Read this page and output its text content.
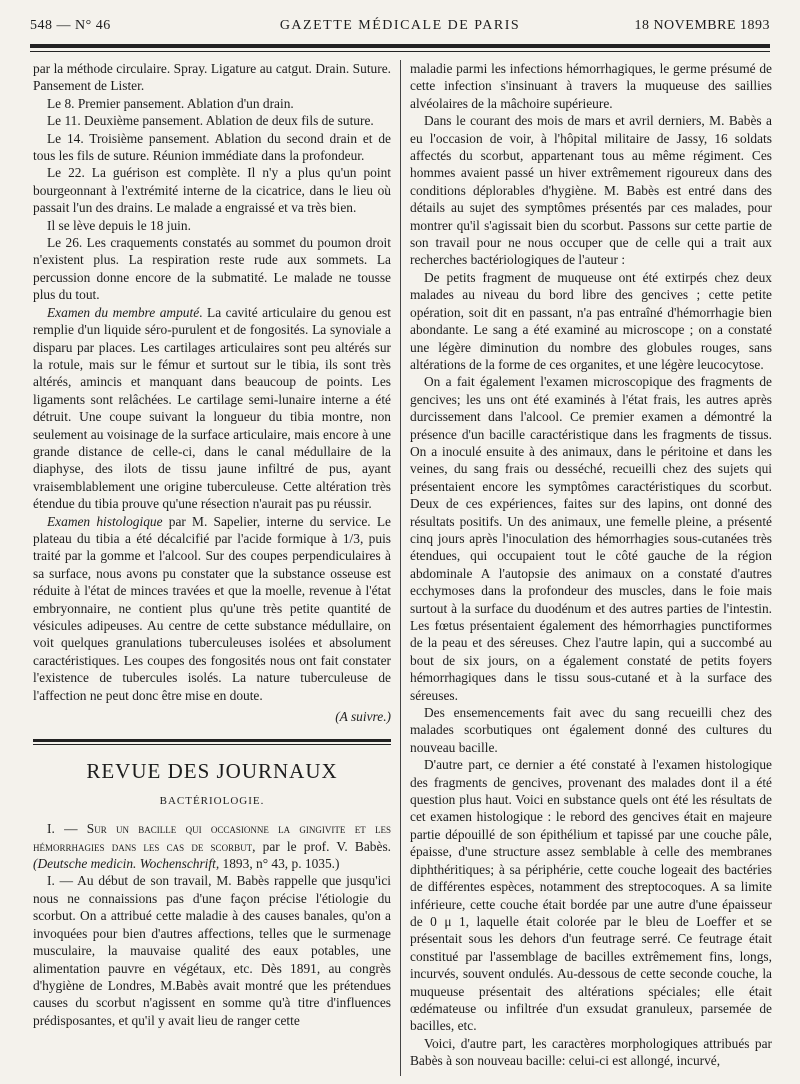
548 — N° 46	GAZETTE MÉDICALE DE PARIS	18 NOVEMBRE 1893

par la méthode circulaire. Spray. Ligature au catgut. Drain. Suture. Pansement de Lister.

Le 8. Premier pansement. Ablation d'un drain.

Le 11. Deuxième pansement. Ablation de deux fils de suture.

Le 14. Troisième pansement. Ablation du second drain et de tous les fils de suture. Réunion immédiate dans la profondeur.

Le 22. La guérison est complète. Il n'y a plus qu'un point bourgeonnant à l'extrémité interne de la cicatrice, dans le lieu où passait l'un des drains. Le malade a engraissé et va très bien.

Il se lève depuis le 18 juin.

Le 26. Les craquements constatés au sommet du poumon droit n'existent plus. La respiration reste rude aux sommets. La percussion donne encore de la submatité. Le malade ne tousse plus du tout.

Examen du membre amputé. La cavité articulaire du genou est remplie d'un liquide séro-purulent et de fongosités. La synoviale a disparu par places. Les cartilages articulaires sont peu altérés sur la rotule, mais sur le fémur et surtout sur le tibia, ils sont très altérés, amincis et manquant dans beaucoup de points. Les ligaments sont relâchées. Le cartilage semi-lunaire interne a été détruit. Une coupe suivant la longueur du tibia montre, non seulement au voisinage de la surface articulaire, mais encore à une grande distance de celle-ci, dans le canal médullaire de la diaphyse, des ilots de tissu jaune infiltré de pus, ayant vraisemblablement une origine tuberculeuse. Cette altération très étendue du tibia prouve qu'une résection n'aurait pas pu réussir.

Examen histologique par M. Sapelier, interne du service. Le plateau du tibia a été décalcifié par l'acide formique à 1/3, puis traité par la gomme et l'alcool. Sur des coupes perpendiculaires à sa surface, nous avons pu constater que la substance osseuse est réduite à l'état de minces travées et que la moelle, revenue à l'état embryonnaire, ne contient plus qu'une très petite quantité de vésicules adipeuses. Au centre de cette substance médullaire, on voit quelques granulations tuberculeuses isolées et absolument caractéristiques. Les coupes des fongosités nous ont fait constater l'existence de tubercules isolés. La nature tuberculeuse de l'affection ne peut donc être mise en doute.

(A suivre.)
REVUE DES JOURNAUX
BACTÉRIOLOGIE.

I. — Sur un bacille qui occasionne la gingivite et les hémorrhagies dans les cas de scorbut, par le prof. V. Babès. (Deutsche medicin. Wochenschrift, 1893, n° 43, p. 1035.)

I. — Au début de son travail, M. Babès rappelle que jusqu'ici nous ne connaissions pas d'une façon précise l'étiologie du scorbut. On a attribué cette maladie à des causes banales, qu'on a invoquées pour bien d'autres affections, telles que le surmenage musculaire, la mauvaise qualité des eaux potables, une alimentation pauvre en végétaux, etc. Dès 1891, au congrès d'hygiène de Londres, M.Babès avait montré que les prétendues causes du scorbut n'agissent en somme qu'à titre d'influences prédisposantes, et qu'il y avait lieu de ranger cette

maladie parmi les infections hémorrhagiques, le germe présumé de cette infection s'insinuant à travers la muqueuse des saillies alvéolaires de la mâchoire supérieure.

Dans le courant des mois de mars et avril derniers, M. Babès a eu l'occasion de voir, à l'hôpital militaire de Jassy, 16 soldats affectés du scorbut, appartenant tous au même régiment. Ces hommes avaient passé un hiver extrêmement rigoureux dans des conditions déplorables d'hygiène. M. Babès est entré dans des détails au sujet des symptômes présentés par ces malades, pour montrer qu'il s'agissait bien du scorbut. Passons sur cette partie de son travail pour ne nous occuper que de celle qui a trait aux recherches bactériologiques de l'auteur :

De petits fragment de muqueuse ont été extirpés chez deux malades au niveau du bord libre des gencives ; cette petite opération, soit dit en passant, n'a pas entraîné d'hémorrhagie bien abondante. Le sang a été examiné au microscope ; on a constaté une légère diminution du nombre des globules rouges, sans altérations de la forme de ces organites, et une légère leucocytose.

On a fait également l'examen microscopique des fragments de gencives; les uns ont été examinés à l'état frais, les autres après durcissement dans l'alcool. Ce premier examen a démontré la présence d'un bacille caractéristique dans les fragments de tissus. On a inoculé ensuite à des animaux, dans le péritoine et dans les veines, du sang frais ou desséché, recueilli chez des sujets qui présentaient encore les symptômes caractéristiques du scorbut. Deux de ces expériences, faites sur des lapins, ont donné des résultats positifs. Un des animaux, une femelle pleine, a présenté cinq jours après l'inoculation des hémorrhagies sous-cutanées très étendues, qui occupaient tout le côté gauche de la région abdominale A l'autopsie des animaux on a constaté d'autres ecchymoses dans la profondeur des muscles, dans le foie mais surtout à la surface du duodénum et des autres parties de l'intestin. Les fœtus présentaient également des hémorrhagies punctiformes de la peau et des séreuses. Chez l'autre lapin, qui a succombé au bout de six jours, on a également constaté de petits foyers hémorrhagiques dans le tissu sous-cutané et à la surface des séreuses.

Des ensemencements fait avec du sang recueilli chez des malades scorbutiques ont également donné des cultures du nouveau bacille.

D'autre part, ce dernier a été constaté à l'examen histologique des fragments de gencives, provenant des malades dont il a été question plus haut. Voici en substance quels ont été les résultats de cet examen histologique : le rebord des gencives était en majeure partie dépouillé de son épithélium et tapissé par une couche pâle, épaisse, d'une structure assez semblable à celle des membranes diphthéritiques; à sa périphérie, cette couche logeait des bactéries de différentes espèces, notamment des streptocoques. A sa limite inférieure, cette couche était bordée par une autre d'une épaisseur de 0 μ 1, laquelle était colorée par le bleu de Loeffer et se présentait sous les dehors d'un feutrage serré. Ce feutrage était constitué par l'assemblage de bacilles extrêmement fins, longs, incurvés, souvent ondulés. Au-dessous de cette seconde couche, la muqueuse présentait des altérations spéciales; elle était œdémateuse ou infiltrée d'un exsudat granuleux, parsemée de bacilles, etc.

Voici, d'autre part, les caractères morphologiques attribués par Babès à son nouveau bacille: celui-ci est allongé, incurvé,
